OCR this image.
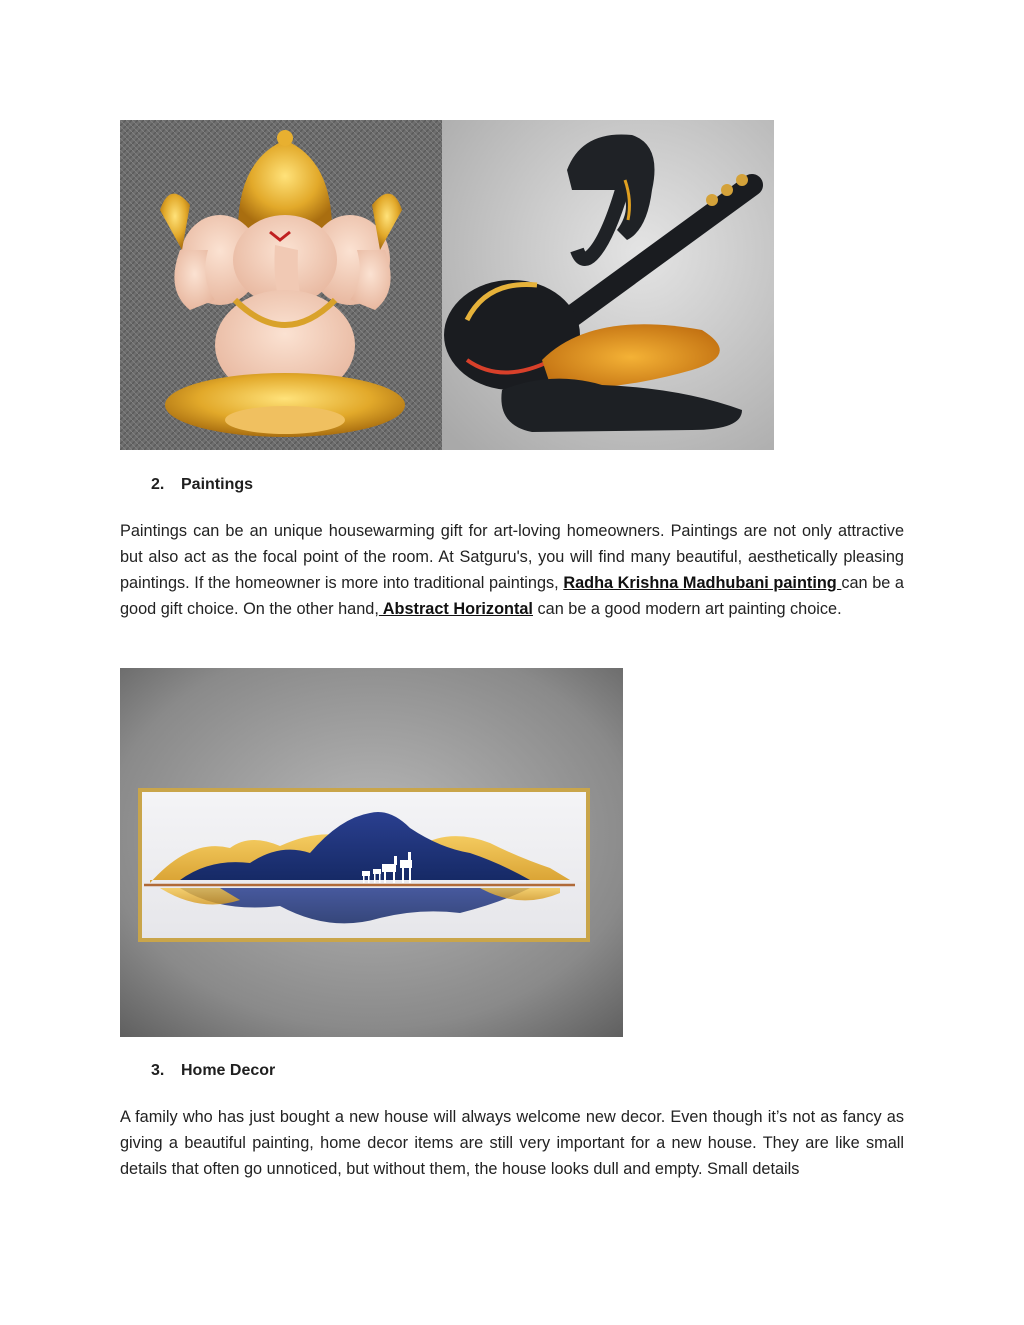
2. Paintings
Paintings can be an unique housewarming gift for art-loving homeowners. Paintings are not only attractive but also act as the focal point of the room. At Satguru's, you will find many beautiful, aesthetically pleasing paintings. If the homeowner is more into traditional paintings, Radha Krishna Madhubani painting can be a good gift choice. On the other hand, Abstract Horizontal can be a good modern art painting choice.
3. Home Decor
A family who has just bought a new house will always welcome new decor. Even though it’s not as fancy as giving a beautiful painting, home decor items are still very important for a new house. They are like small details that often go unnoticed, but without them, the house looks dull and empty. Small details
